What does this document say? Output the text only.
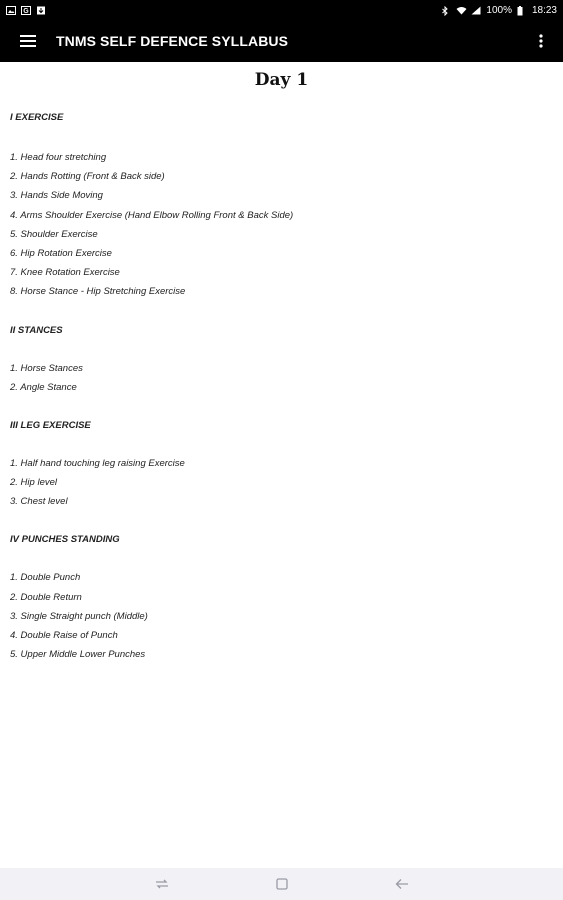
G	100% 18:23
TNMS SELF DEFENCE SYLLABUS
Day 1
I EXERCISE
1. Head four stretching
2. Hands Rotting (Front & Back side)
3. Hands Side Moving
4. Arms Shoulder Exercise (Hand Elbow Rolling Front & Back Side)
5. Shoulder Exercise
6. Hip Rotation Exercise
7. Knee Rotation Exercise
8. Horse Stance - Hip Stretching Exercise
II STANCES
1. Horse Stances
2. Angle Stance
III LEG EXERCISE
1. Half hand touching leg raising Exercise
2. Hip level
3. Chest level
IV PUNCHES STANDING
1. Double Punch
2. Double Return
3. Single Straight punch (Middle)
4. Double Raise of Punch
5. Upper Middle Lower Punches
